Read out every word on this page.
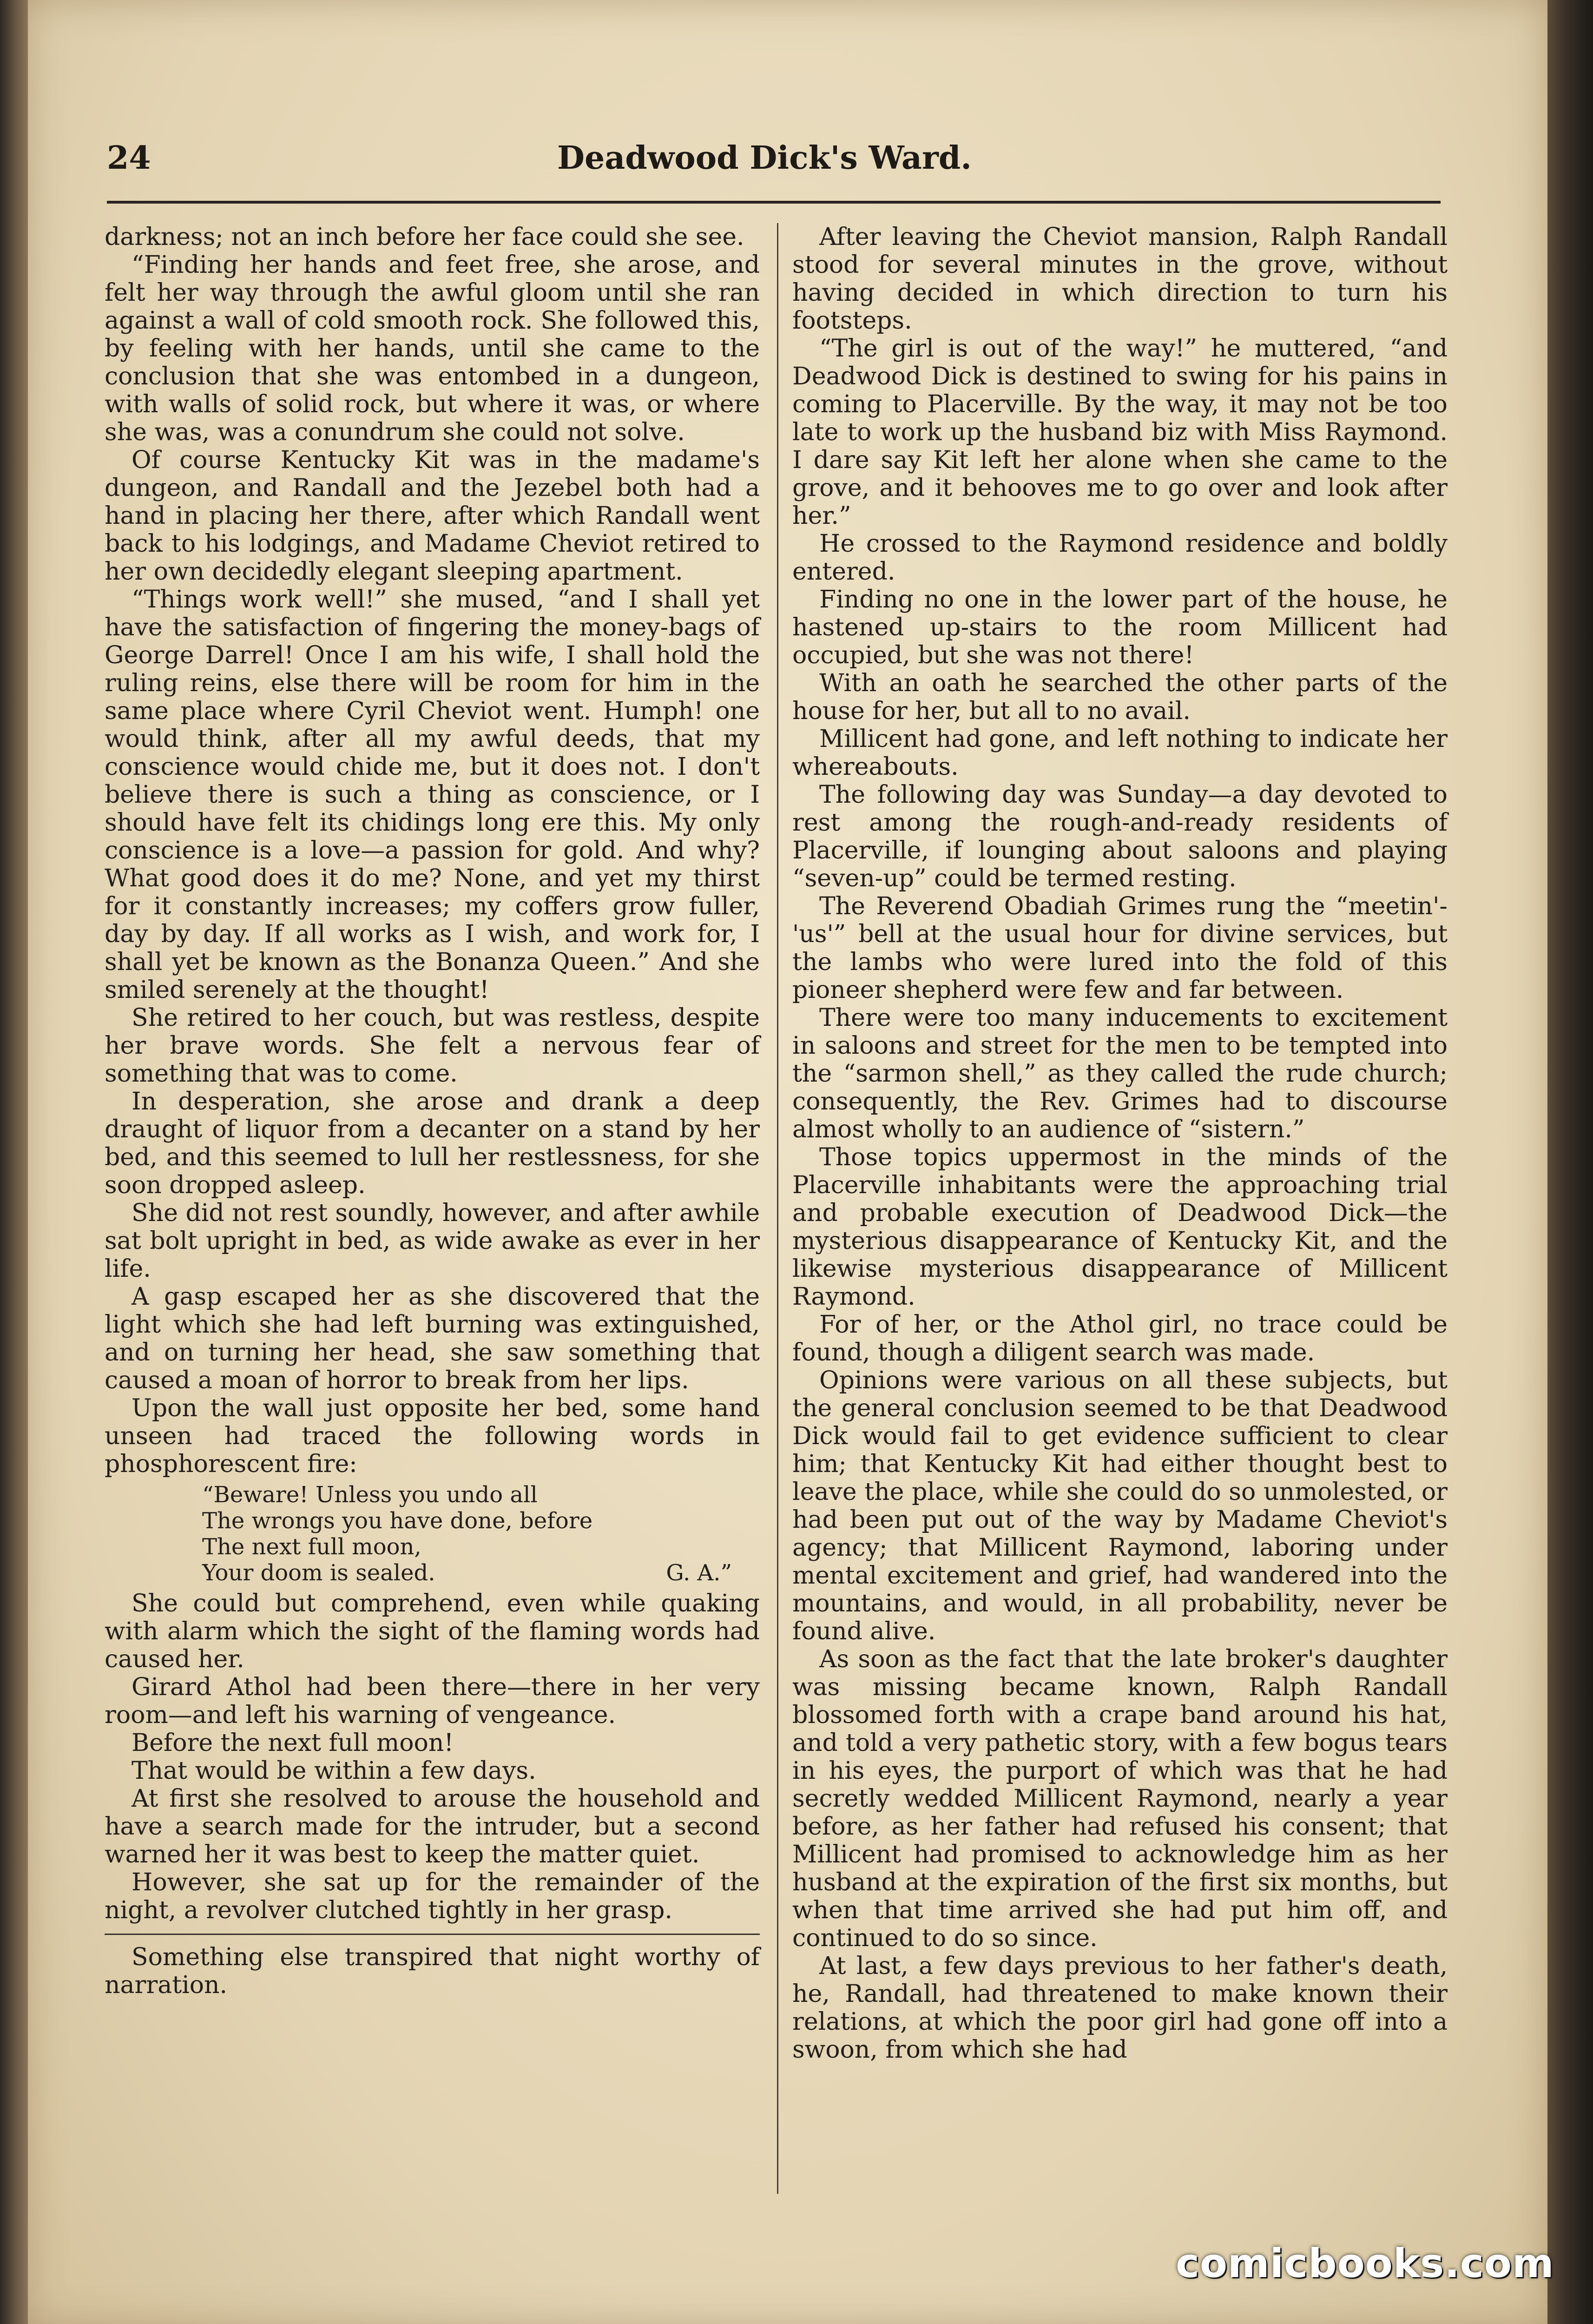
Deadwood Dick's Ward.
24

darkness; not an inch before her face could she see.

“Finding her hands and feet free, she arose, and felt her way through the awful gloom until she ran against a wall of cold smooth rock. She followed this, by feeling with her hands, until she came to the conclusion that she was entombed in a dungeon, with walls of solid rock, but where it was, or where she was, was a conundrum she could not solve.

Of course Kentucky Kit was in the madame's dungeon, and Randall and the Jezebel both had a hand in placing her there, after which Randall went back to his lodgings, and Madame Cheviot retired to her own decidedly elegant sleeping apartment.

“Things work well!” she mused, “and I shall yet have the satisfaction of fingering the money-bags of George Darrel! Once I am his wife, I shall hold the ruling reins, else there will be room for him in the same place where Cyril Cheviot went. Humph! one would think, after all my awful deeds, that my conscience would chide me, but it does not. I don't believe there is such a thing as conscience, or I should have felt its chidings long ere this. My only conscience is a love—a passion for gold. And why? What good does it do me? None, and yet my thirst for it constantly increases; my coffers grow fuller, day by day. If all works as I wish, and work for, I shall yet be known as the Bonanza Queen.” And she smiled serenely at the thought!

She retired to her couch, but was restless, despite her brave words. She felt a nervous fear of something that was to come.

In desperation, she arose and drank a deep draught of liquor from a decanter on a stand by her bed, and this seemed to lull her restlessness, for she soon dropped asleep.

She did not rest soundly, however, and after awhile sat bolt upright in bed, as wide awake as ever in her life.

A gasp escaped her as she discovered that the light which she had left burning was extinguished, and on turning her head, she saw something that caused a moan of horror to break from her lips.

Upon the wall just opposite her bed, some hand unseen had traced the following words in phosphorescent fire:

“Beware! Unless you undo all
The wrongs you have done, before
The next full moon,
Your doom is sealed.	G. A.”

She could but comprehend, even while quaking with alarm which the sight of the flaming words had caused her.

Girard Athol had been there—there in her very room—and left his warning of vengeance.

Before the next full moon!

That would be within a few days.

At first she resolved to arouse the household and have a search made for the intruder, but a second warned her it was best to keep the matter quiet.

However, she sat up for the remainder of the night, a revolver clutched tightly in her grasp.

Something else transpired that night worthy of narration.

After leaving the Cheviot mansion, Ralph Randall stood for several minutes in the grove, without having decided in which direction to turn his footsteps.

“The girl is out of the way!” he muttered, “and Deadwood Dick is destined to swing for his pains in coming to Placerville. By the way, it may not be too late to work up the husband biz with Miss Raymond. I dare say Kit left her alone when she came to the grove, and it behooves me to go over and look after her.”

He crossed to the Raymond residence and boldly entered.

Finding no one in the lower part of the house, he hastened up-stairs to the room Millicent had occupied, but she was not there!

With an oath he searched the other parts of the house for her, but all to no avail.

Millicent had gone, and left nothing to indicate her whereabouts.

The following day was Sunday—a day devoted to rest among the rough-and-ready residents of Placerville, if lounging about saloons and playing “seven-up” could be termed resting.

The Reverend Obadiah Grimes rung the “meetin'-'us'” bell at the usual hour for divine services, but the lambs who were lured into the fold of this pioneer shepherd were few and far between.

There were too many inducements to excitement in saloons and street for the men to be tempted into the “sarmon shell,” as they called the rude church; consequently, the Rev. Grimes had to discourse almost wholly to an audience of “sistern.”

Those topics uppermost in the minds of the Placerville inhabitants were the approaching trial and probable execution of Deadwood Dick—the mysterious disappearance of Kentucky Kit, and the likewise mysterious disappearance of Millicent Raymond.

For of her, or the Athol girl, no trace could be found, though a diligent search was made.

Opinions were various on all these subjects, but the general conclusion seemed to be that Deadwood Dick would fail to get evidence sufficient to clear him; that Kentucky Kit had either thought best to leave the place, while she could do so unmolested, or had been put out of the way by Madame Cheviot's agency; that Millicent Raymond, laboring under mental excitement and grief, had wandered into the mountains, and would, in all probability, never be found alive.

As soon as the fact that the late broker's daughter was missing became known, Ralph Randall blossomed forth with a crape band around his hat, and told a very pathetic story, with a few bogus tears in his eyes, the purport of which was that he had secretly wedded Millicent Raymond, nearly a year before, as her father had refused his consent; that Millicent had promised to acknowledge him as her husband at the expiration of the first six months, but when that time arrived she had put him off, and continued to do so since.

At last, a few days previous to her father's death, he, Randall, had threatened to make known their relations, at which the poor girl had gone off into a swoon, from which she had

comicbooks.com
